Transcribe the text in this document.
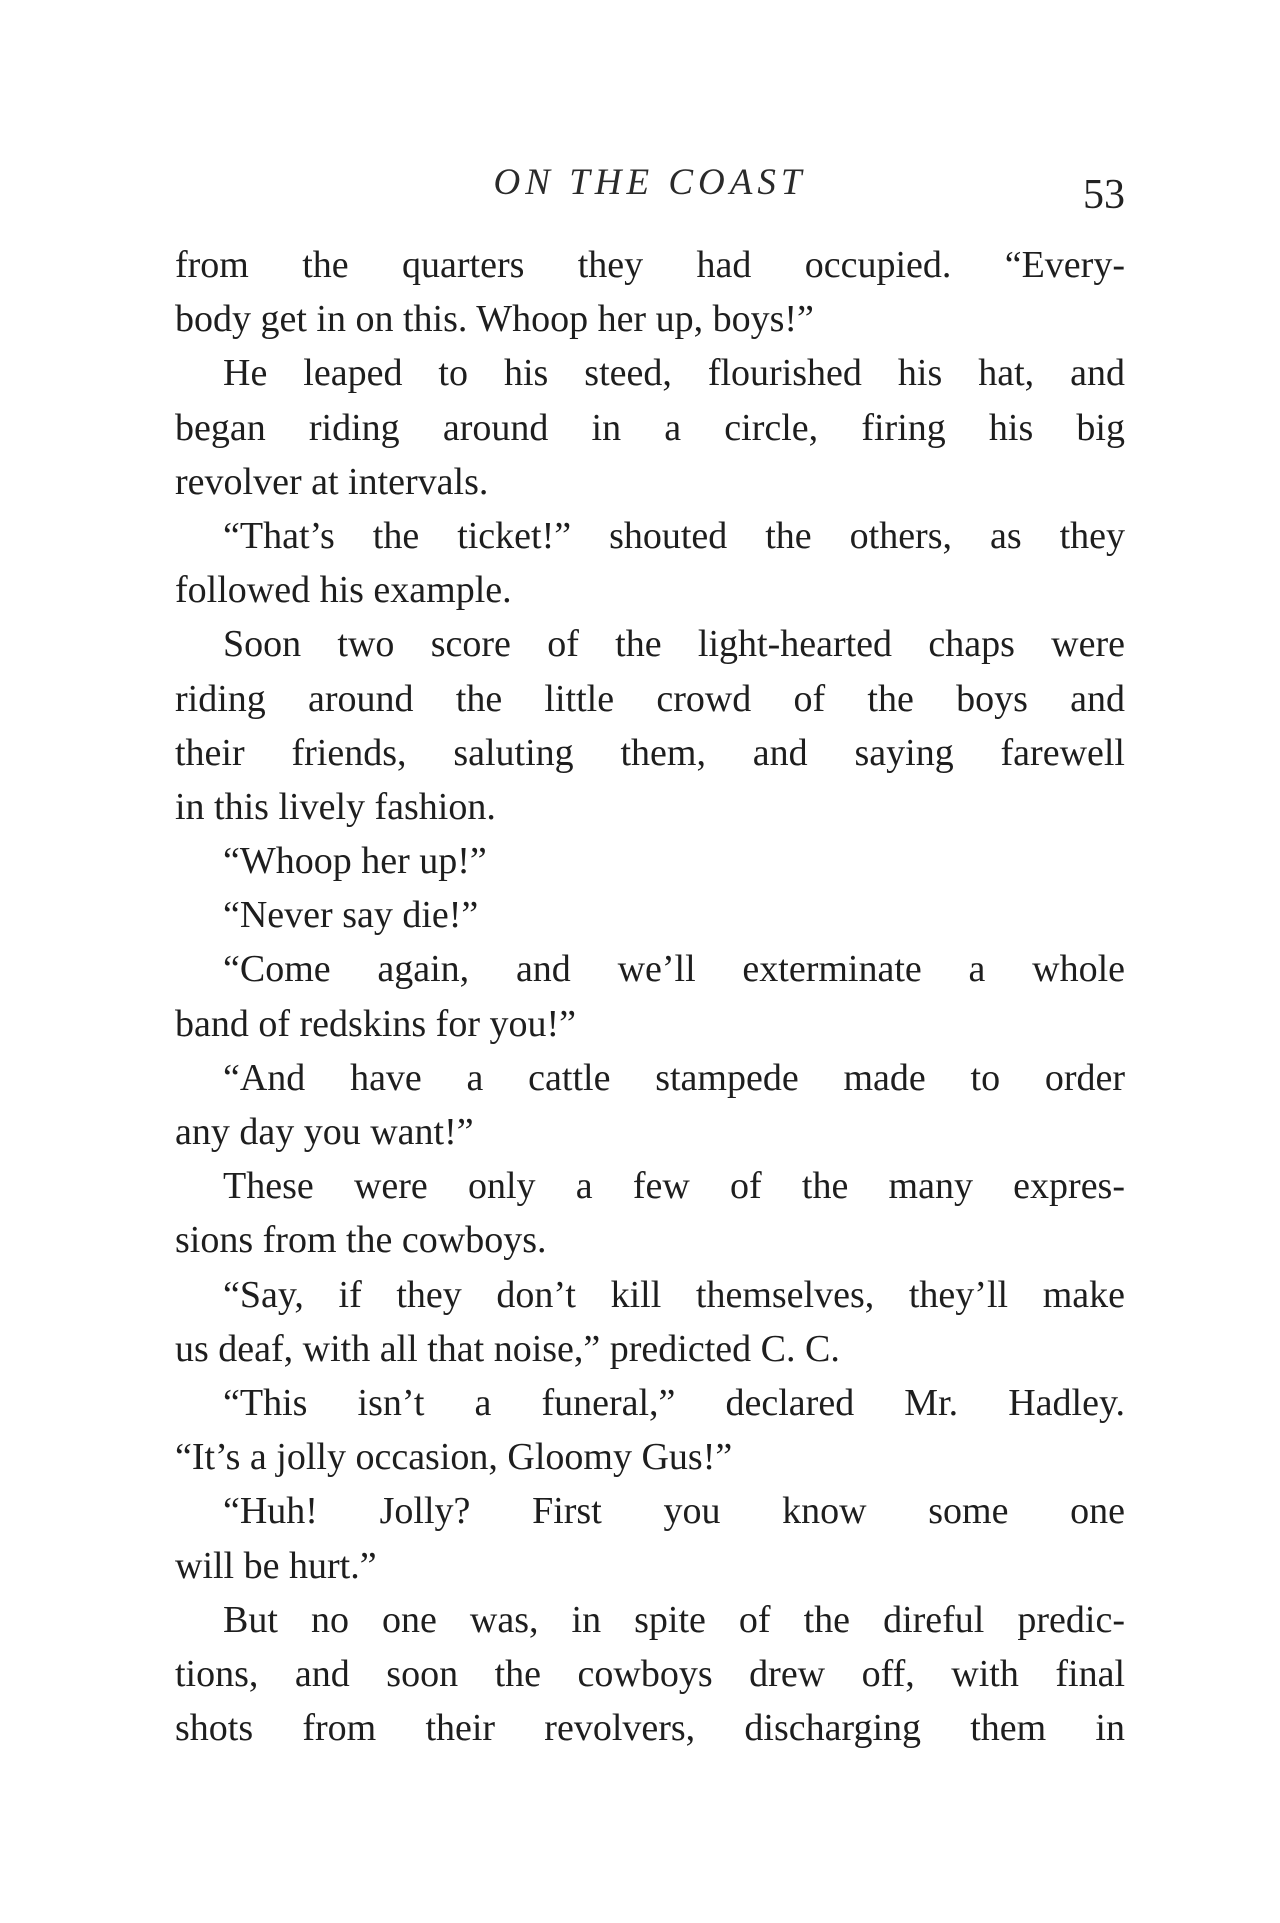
ON THE COAST	53
from the quarters they had occupied. “Every-
body get in on this. Whoop her up, boys!”
He leaped to his steed, flourished his hat, and
began riding around in a circle, firing his big
revolver at intervals.
“That’s the ticket!” shouted the others, as they
followed his example.
Soon two score of the light-hearted chaps were
riding around the little crowd of the boys and
their friends, saluting them, and saying farewell
in this lively fashion.
“Whoop her up!”
“Never say die!”
“Come again, and we’ll exterminate a whole
band of redskins for you!”
“And have a cattle stampede made to order
any day you want!”
These were only a few of the many expres-
sions from the cowboys.
“Say, if they don’t kill themselves, they’ll make
us deaf, with all that noise,” predicted C. C.
“This isn’t a funeral,” declared Mr. Hadley.
“It’s a jolly occasion, Gloomy Gus!”
“Huh! Jolly? First you know some one
will be hurt.”
But no one was, in spite of the direful predic-
tions, and soon the cowboys drew off, with final
shots from their revolvers, discharging them in
